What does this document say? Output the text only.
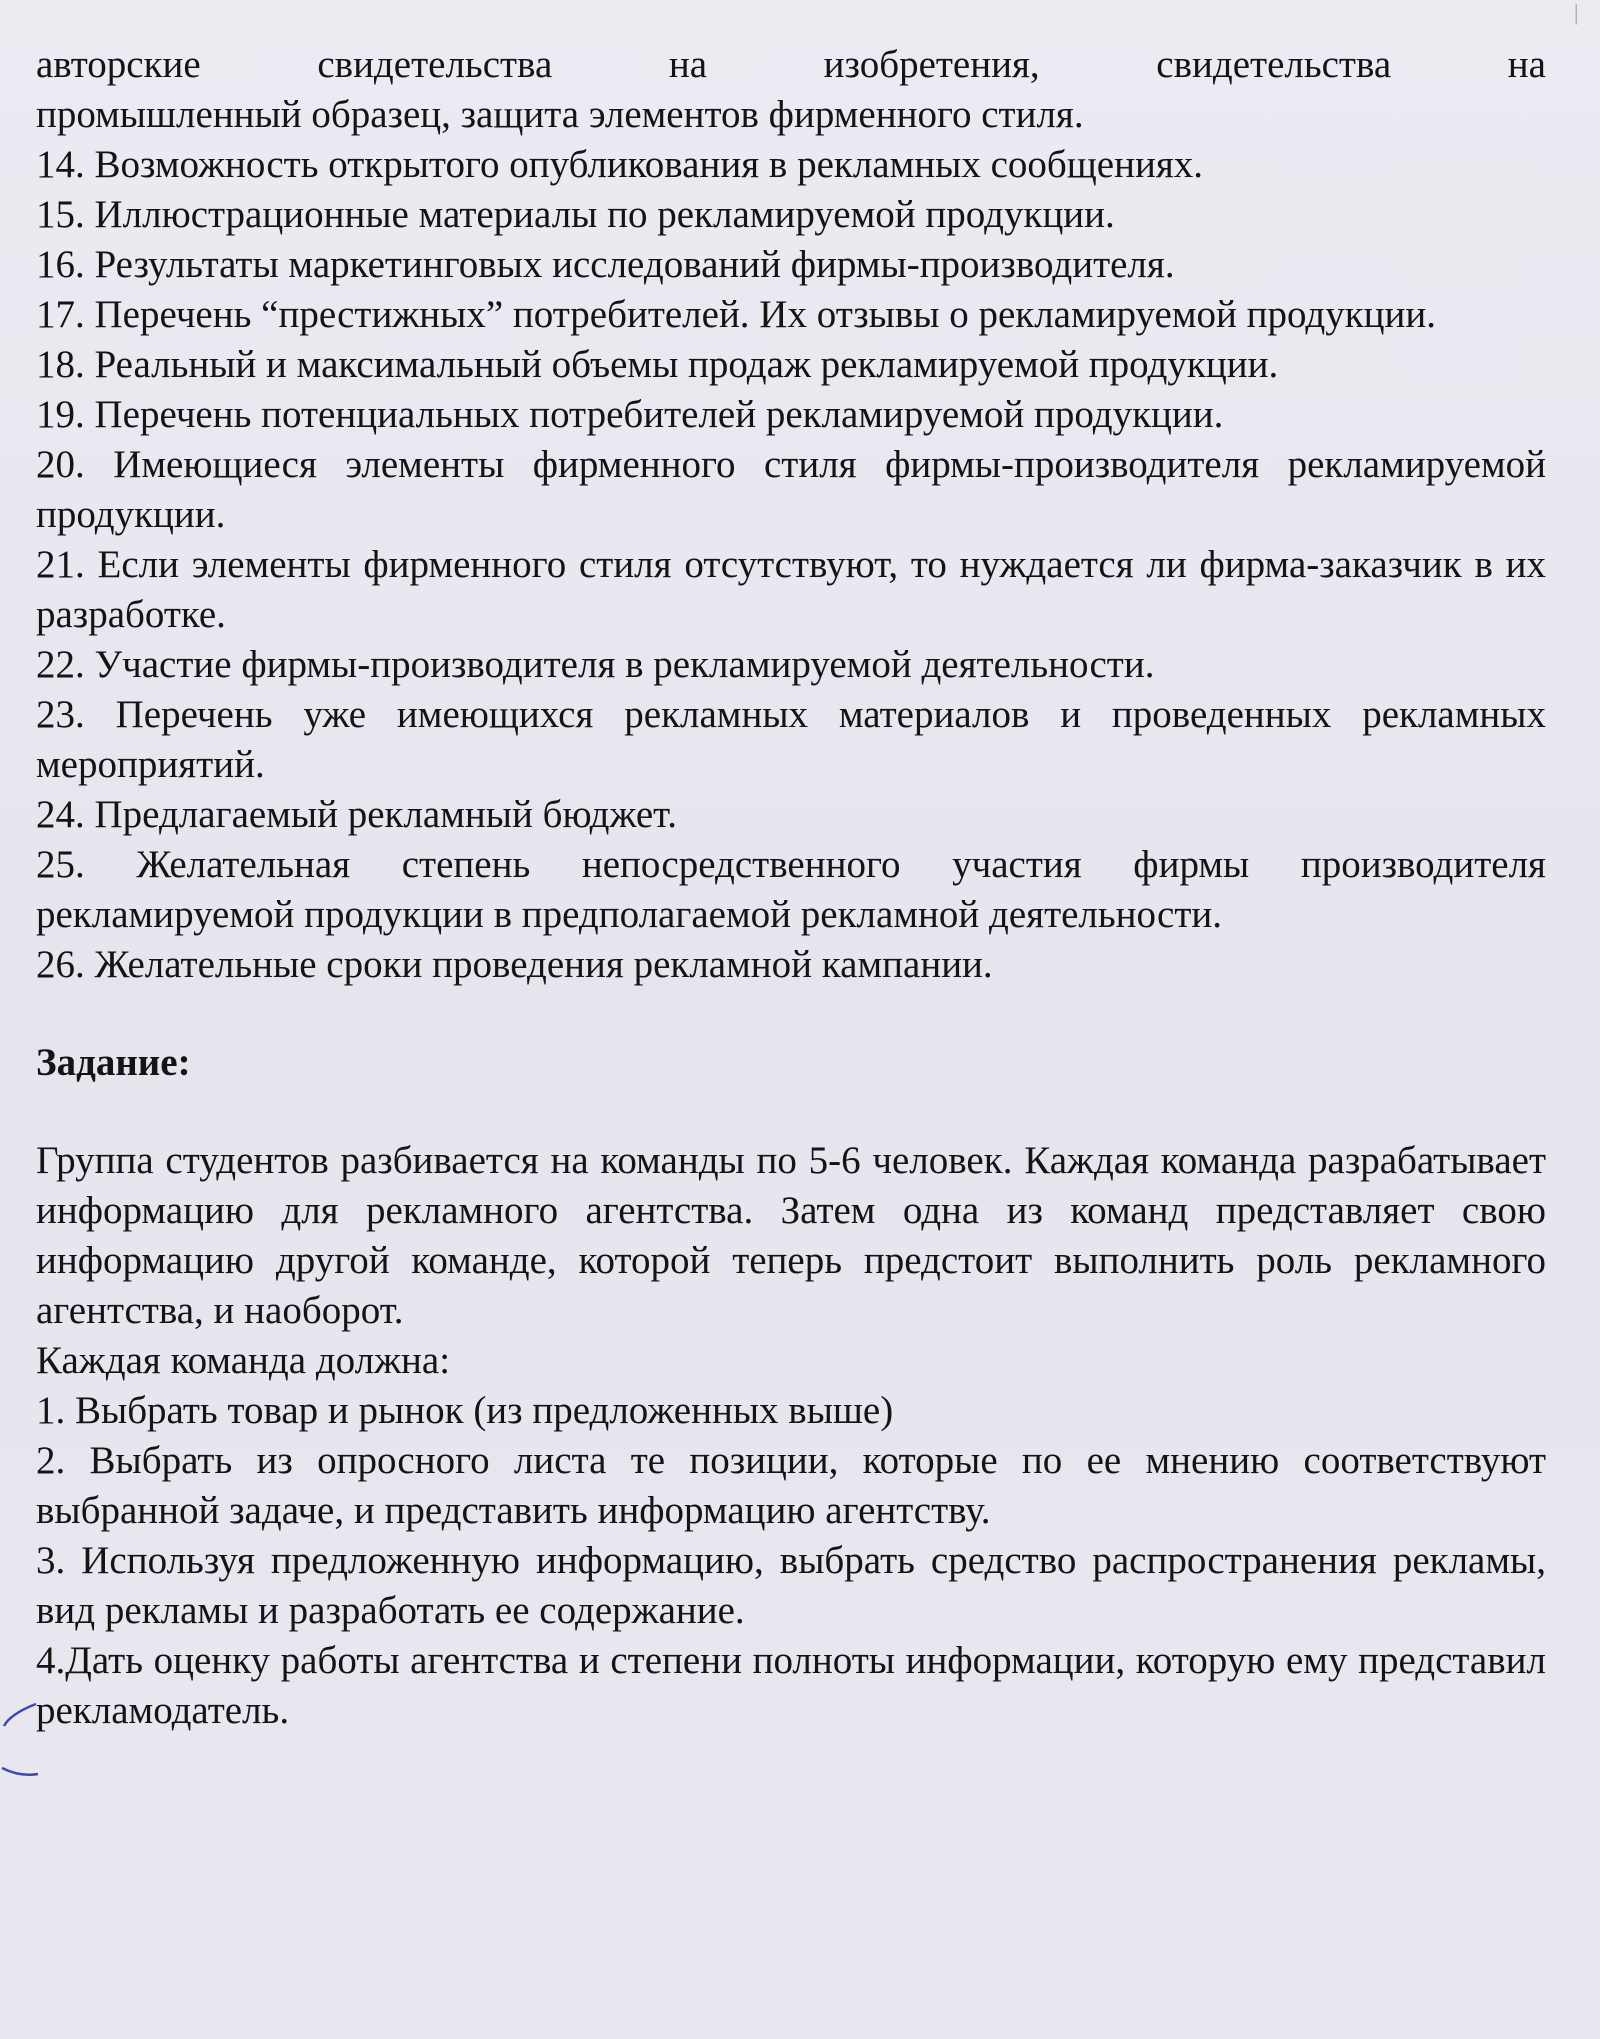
|
авторские свидетельства на изобретения, свидетельства на
промышленный образец, защита элементов фирменного стиля.

14. Возможность открытого опубликования в рекламных сообщениях.

15. Иллюстрационные материалы по рекламируемой продукции.

16. Результаты маркетинговых исследований фирмы-производителя.

17. Перечень “престижных” потребителей. Их отзывы о рекламируемой продукции.

18. Реальный и максимальный объемы продаж рекламируемой продукции.

19. Перечень потенциальных потребителей рекламируемой продукции.

20. Имеющиеся элементы фирменного стиля фирмы-производителя рекламируемой продукции.

21. Если элементы фирменного стиля отсутствуют, то нуждается ли фирма-заказчик в их разработке.

22. Участие фирмы-производителя в рекламируемой деятельности.

23. Перечень уже имеющихся рекламных материалов и проведенных рекламных мероприятий.

24. Предлагаемый рекламный бюджет.

25. Желательная степень непосредственного участия фирмы производителя рекламируемой продукции в предполагаемой рекламной деятельности.

26. Желательные сроки проведения рекламной кампании.

Задание:

Группа студентов разбивается на команды по 5-6 человек. Каждая команда разрабатывает информацию для рекламного агентства. Затем одна из команд представляет свою информацию другой команде, которой теперь предстоит выполнить роль рекламного агентства, и наоборот.

Каждая команда должна:

1. Выбрать товар и рынок (из предложенных выше)

2. Выбрать из опросного листа те позиции, которые по ее мнению соответствуют выбранной задаче, и представить информацию агентству.

3. Используя предложенную информацию, выбрать средство распространения рекламы, вид рекламы и разработать ее содержание.

4.Дать оценку работы агентства и степени полноты информации, которую ему представил рекламодатель.
